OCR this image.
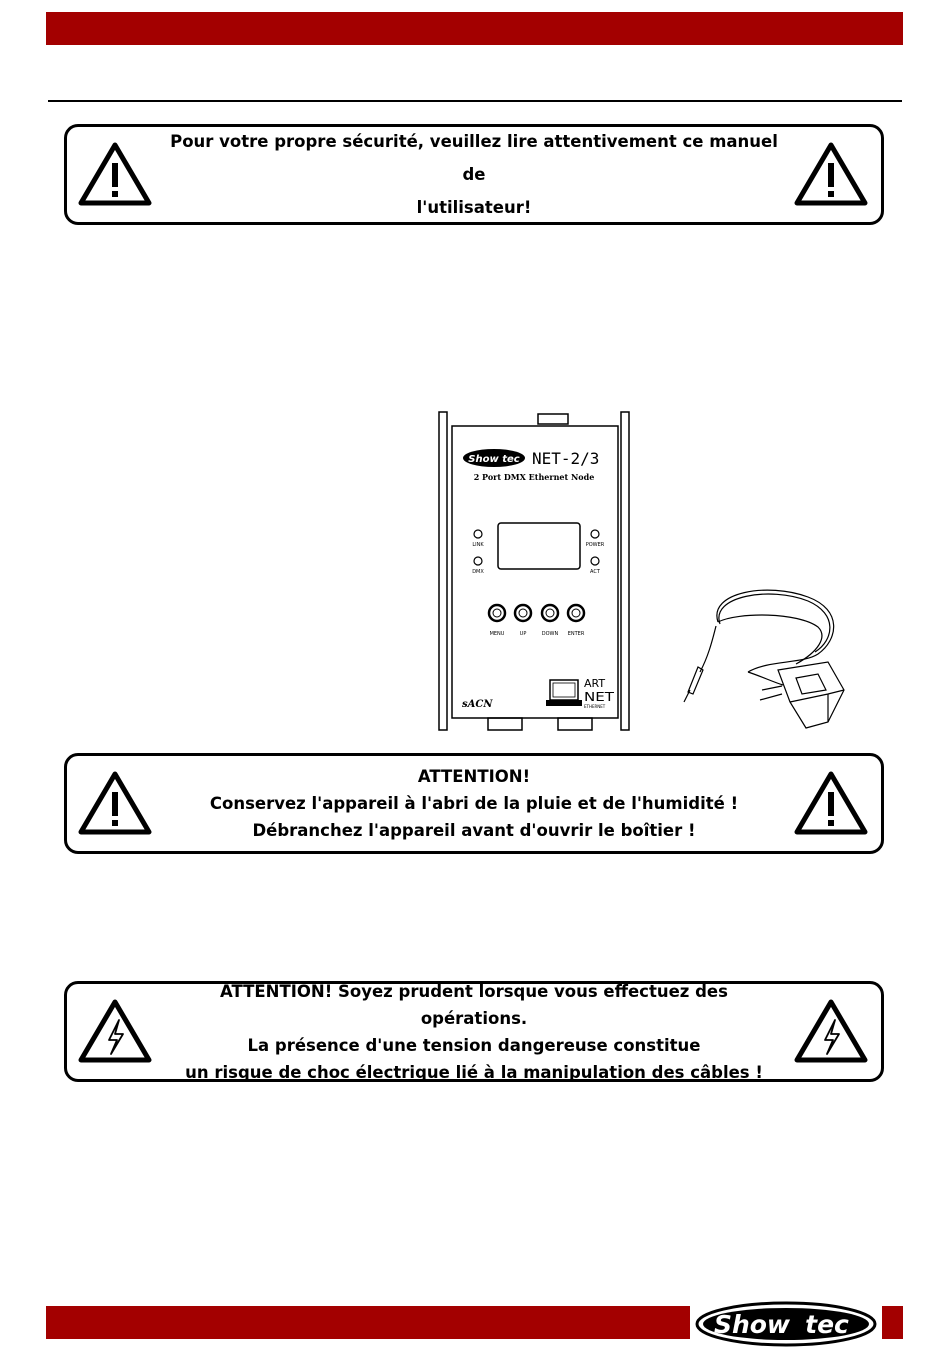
Pour votre propre sécurité, veuillez lire attentivement ce manuel de
l'utilisateur!
Show tec NET-2/3
2 Port DMX Ethernet Node
LINK
DMX
POWER
ACT
MENU	UP	DOWN ENTER
sACN
ART
NET
ETHERNET
ATTENTION!
Conservez l'appareil à l'abri de la pluie et de l'humidité !
Débranchez l'appareil avant d'ouvrir le boîtier !
ATTENTION! Soyez prudent lorsque vous effectuez des opérations.
La présence d'une tension dangereuse constitue
un risque de choc électrique lié à la manipulation des câbles !
Show tec
